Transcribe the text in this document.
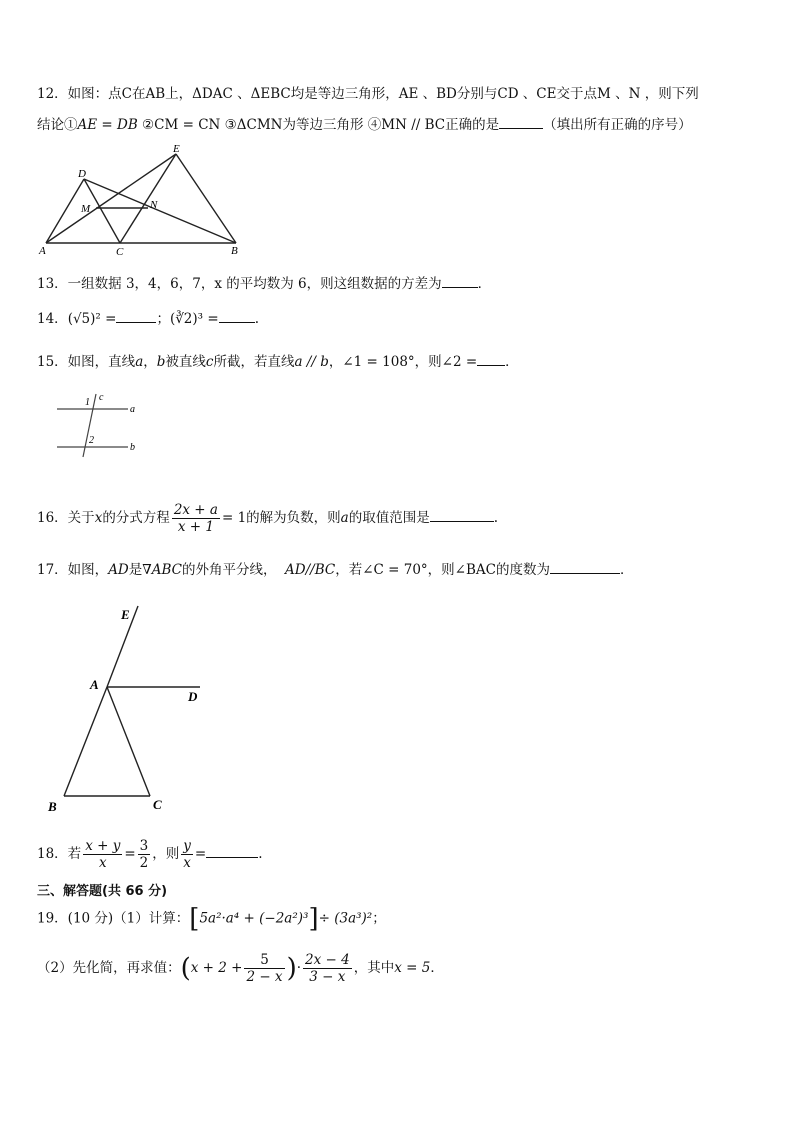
12．如图：点C在AB上，ΔDAC 、ΔEBC均是等边三角形，AE 、BD分别与CD 、CE交于点M 、N ，则下列
结论①AE = DB ②CM = CN ③ΔCMN为等边三角形 ④MN // BC正确的是	（填出所有正确的序号）
E
D
M	N
A	C	B
13．一组数据 3，4，6，7，x 的平均数为 6，则这组数据的方差为	．
14．(√5)² =	；(∛2)³ =	.
15．如图，直线a，b被直线c所截，若直线a // b，∠1 = 108°，则∠2 = ．
1 c
a
2
b
16．关于x的分式方程 $\frac{2x + a}{x + 1} = 1$的解为负数，则a的取值范围是	.
17．如图，AD是∇ABC的外角平分线， AD//BC，若∠C = 70°，则∠BAC的度数为	．
E
A
D
B	C
18．若 $\frac{x + y}{x} = \frac{3}{2}$ ，则 $\frac{y}{x}$ =	.
三、解答题(共 66 分)
19．(10 分)（1）计算：[5a²·a⁴ + (−2a²)³]÷ (3a³)²；
（2）先化简，再求值：($x + 2 + \frac{5}{2 - x}$ )· $\frac{2x - 4}{3 - x}$ ，其中x = 5．
